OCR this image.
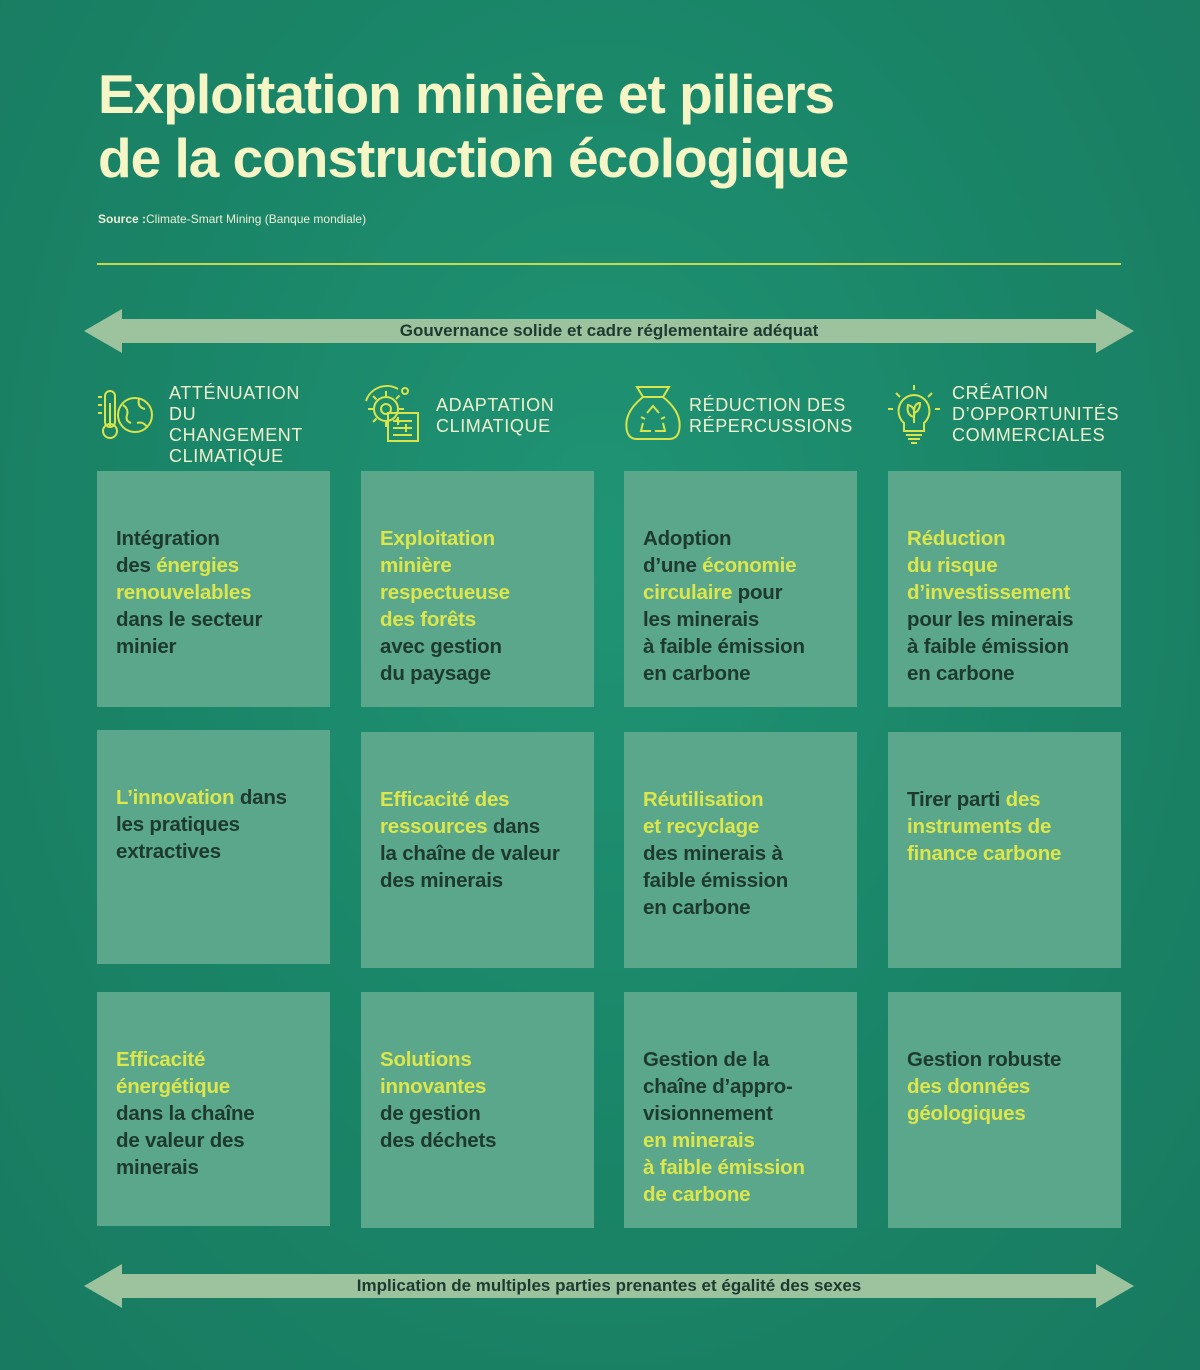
Exploitation minière et piliers
de la construction écologique
Source :Climate-Smart Mining (Banque mondiale)
Gouvernance solide et cadre réglementaire adéquat
ATTÉNUATION
DU CHANGEMENT
CLIMATIQUE
ADAPTATION
CLIMATIQUE
RÉDUCTION DES
RÉPERCUSSIONS
CRÉATION
D’OPPORTUNITÉS
COMMERCIALES

Intégration
des énergies
renouvelables
dans le secteur
minier

Exploitation
minière
respectueuse
des forêts
avec gestion
du paysage

Adoption
d’une économie
circulaire pour
les minerais
à faible émission
en carbone

Réduction
du risque
d’investissement
pour les minerais
à faible émission
en carbone

L’innovation dans
les pratiques
extractives

Efficacité des
ressources dans
la chaîne de valeur
des minerais

Réutilisation
et recyclage
des minerais à
faible émission
en carbone

Tirer parti des
instruments de
finance carbone

Efficacité
énergétique
dans la chaîne
de valeur des
minerais

Solutions
innovantes
de gestion
des déchets

Gestion de la
chaîne d’appro-
visionnement
en minerais
à faible émission
de carbone

Gestion robuste
des données
géologiques

Implication de multiples parties prenantes et égalité des sexes
